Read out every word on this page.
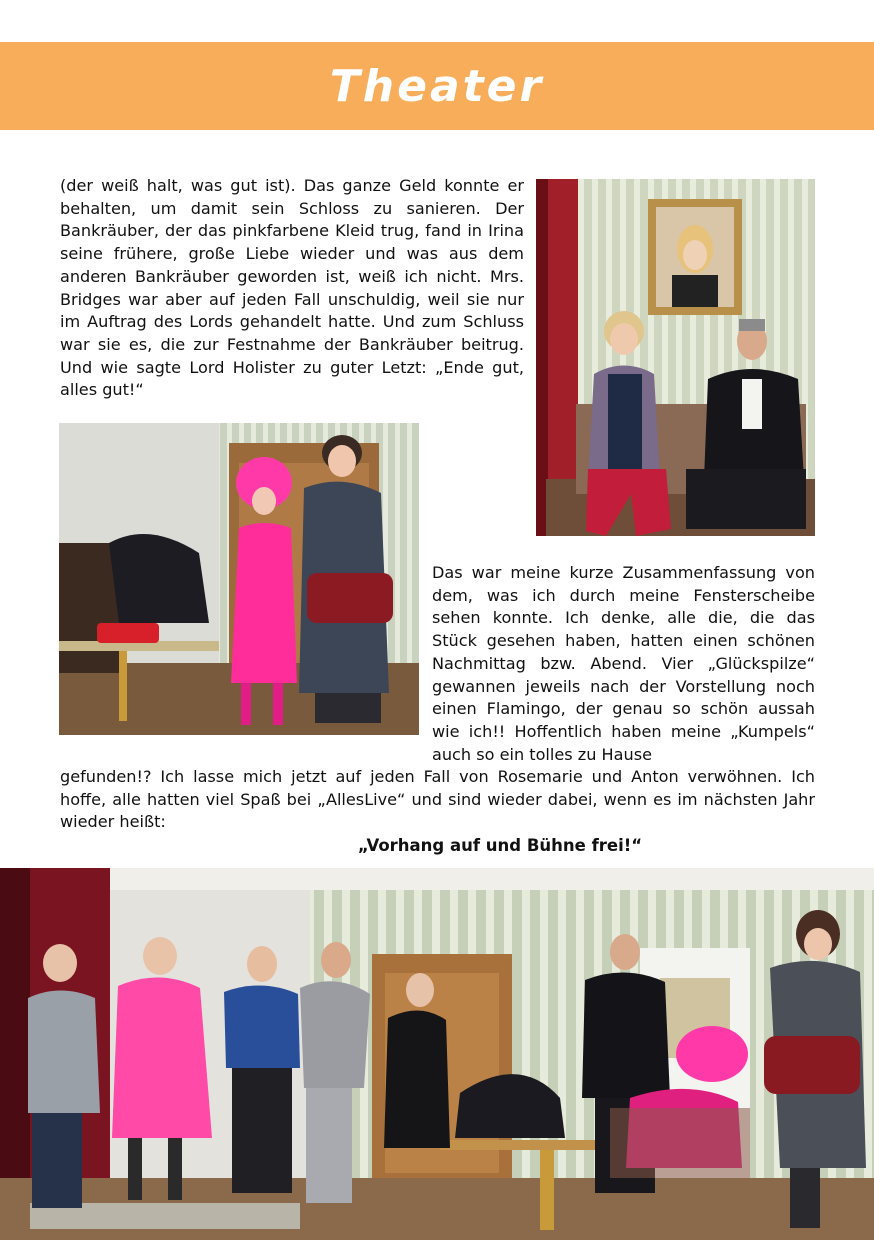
Theater

(der weiß halt, was gut ist). Das ganze Geld konnte er behalten, um damit sein Schloss zu sanieren. Der Bankräuber, der das pinkfarbene Kleid trug, fand in Irina seine frühere, große Liebe wieder und was aus dem anderen Bankräuber geworden ist, weiß ich nicht. Mrs. Bridges war aber auf jeden Fall unschuldig, weil sie nur im Auftrag des Lords gehandelt hatte. Und zum Schluss war sie es, die zur Festnahme der Bankräuber beitrug. Und wie sagte Lord Holister zu guter Letzt: „Ende gut, alles gut!“

Das war meine kurze Zusammenfassung von dem, was ich durch meine Fensterscheibe sehen konnte. Ich denke, alle die, die das Stück gesehen haben, hatten einen schönen Nachmittag bzw. Abend. Vier „Glückspilze“ gewannen jeweils nach der Vorstellung noch einen Flamingo, der genau so schön aussah wie ich!! Hoffentlich haben meine „Kumpels“ auch so ein tolles zu Hause

gefunden!? Ich lasse mich jetzt auf jeden Fall von Rosemarie und Anton verwöhnen. Ich hoffe, alle hatten viel Spaß bei „AllesLive“ und sind wieder dabei, wenn es im nächsten Jahr wieder heißt:

„Vorhang auf und Bühne frei!“
